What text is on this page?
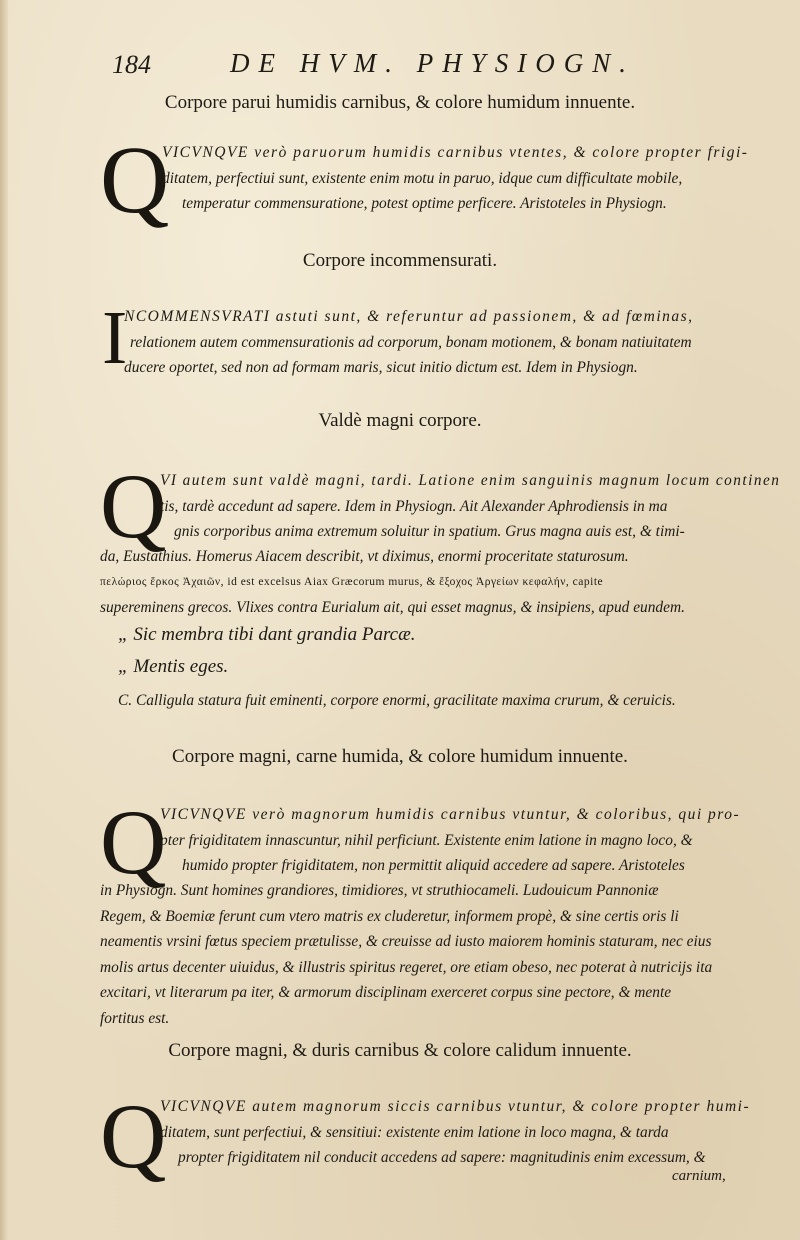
184	DE HVM. PHYSIOGN.
Corpore parui humidis carnibus, & colore humidum innuente.
Q
VICVNQVE verò paruorum humidis carnibus vtentes, & colore propter frigi-
ditatem, perfectiui sunt, existente enim motu in paruo, idque cum difficultate mobile,
temperatur commensuratione, potest optime perficere. Aristoteles in Physiogn.
Corpore incommensurati.
I
NCOMMENSVRATI astuti sunt, & referuntur ad passionem, & ad fœminas,
relationem autem commensurationis ad corporum, bonam motionem, & bonam natiuitatem
ducere oportet, sed non ad formam maris, sicut initio dictum est. Idem in Physiogn.
Valdè magni corpore.
Q
VI autem sunt valdè magni, tardi. Latione enim sanguinis magnum locum continen
tis, tardè accedunt ad sapere. Idem in Physiogn. Ait Alexander Aphrodiensis in ma
gnis corporibus anima extremum soluitur in spatium. Grus magna auis est, & timi-
da, Eustathius. Homerus Aiacem describit, vt diximus, enormi proceritate staturosum.
πελώριος ἕρκος Ἀχαιῶν, id est excelsus Aiax Græcorum murus, & ἔξοχος Ἀργείων κεφαλήν, capite
supereminens grecos. Vlixes contra Eurialum ait, qui esset magnus, & insipiens, apud eundem.
„ Sic membra tibi dant grandia Parcæ.
„ Mentis eges.
C. Calligula statura fuit eminenti, corpore enormi, gracilitate maxima crurum, & ceruicis.
Corpore magni, carne humida, & colore humidum innuente.
Q
VICVNQVE verò magnorum humidis carnibus vtuntur, & coloribus, qui pro-
pter frigiditatem innascuntur, nihil perficiunt. Existente enim latione in magno loco, &
humido propter frigiditatem, non permittit aliquid accedere ad sapere. Aristoteles
in Physiogn. Sunt homines grandiores, timidiores, vt struthiocameli. Ludouicum Pannoniæ
Regem, & Boemiæ ferunt cum vtero matris ex cluderetur, informem propè, & sine certis oris li
neamentis vrsini fœtus speciem prætulisse, & creuisse ad iusto maiorem hominis staturam, nec eius
molis artus decenter uiuidus, & illustris spiritus regeret, ore etiam obeso, nec poterat à nutricijs ita
excitari, vt literarum pa iter, & armorum disciplinam exerceret corpus sine pectore, & mente
fortitus est.
Corpore magni, & duris carnibus & colore calidum innuente.
Q
VICVNQVE autem magnorum siccis carnibus vtuntur, & colore propter humi-
ditatem, sunt perfectiui, & sensitiui: existente enim latione in loco magna, & tarda
propter frigiditatem nil conducit accedens ad sapere: magnitudinis enim excessum, &
carnium,
